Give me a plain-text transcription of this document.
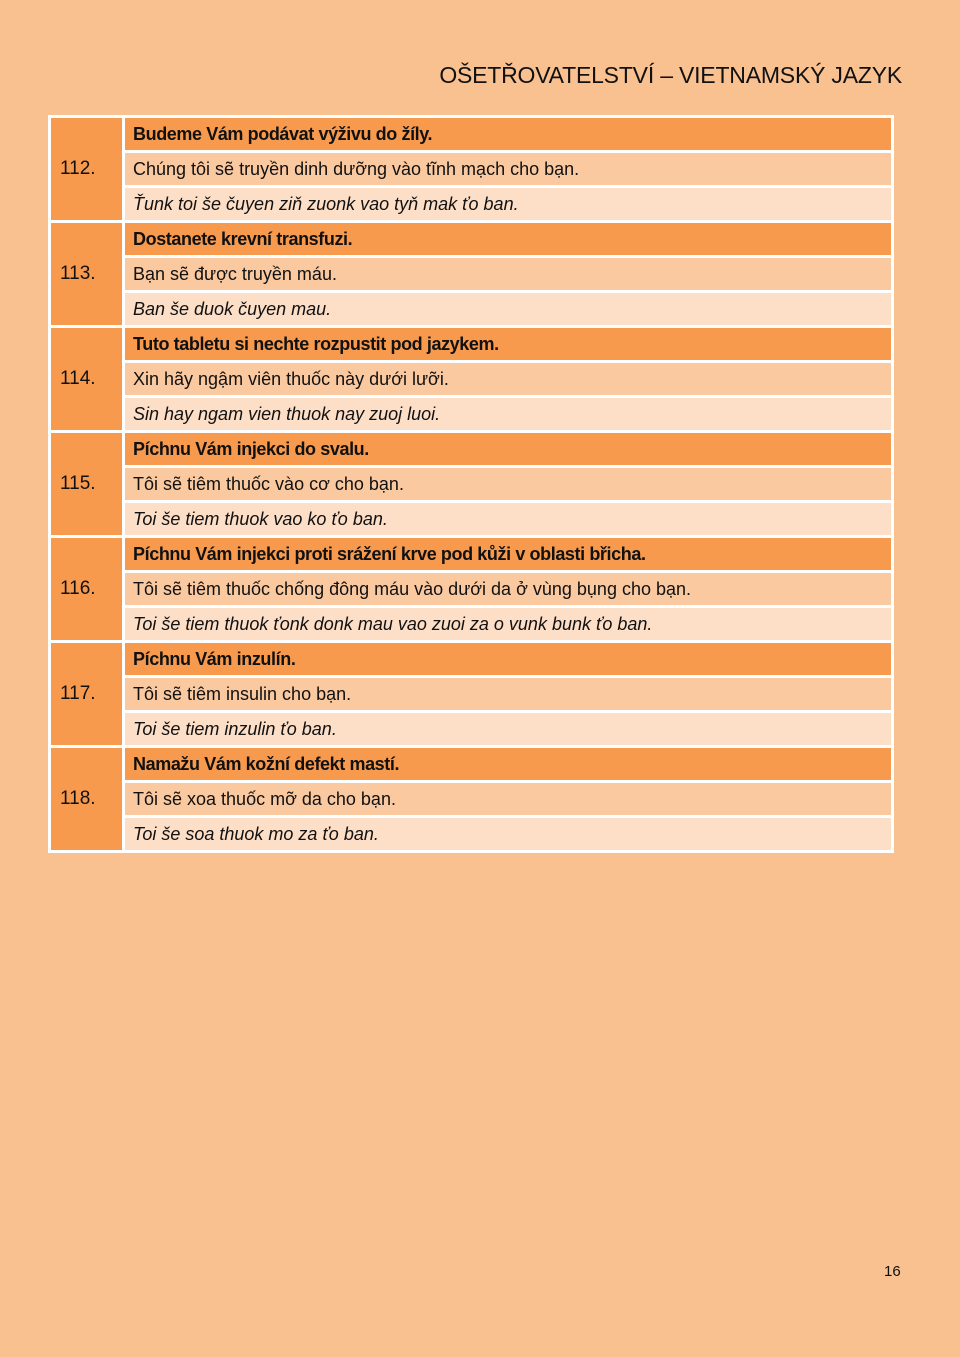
OŠETŘOVATELSTVÍ – VIETNAMSKÝ JAZYK
112.	Budeme Vám podávat výživu do žíly.
Chúng tôi sẽ truyền dinh dưỡng vào tĩnh mạch cho bạn.
Ťunk toi še čuyen ziň zuonk vao tyň mak ťo ban.

113.	Dostanete krevní transfuzi.
Bạn sẽ được truyền máu.
Ban še duok čuyen mau.

114.	Tuto tabletu si nechte rozpustit pod jazykem.
Xin hãy ngậm viên thuốc này dưới lưỡi.
Sin hay ngam vien thuok nay zuoj luoi.

115.	Píchnu Vám injekci do svalu.
Tôi sẽ tiêm thuốc vào cơ cho bạn.
Toi še tiem thuok vao ko ťo ban.

116.	Píchnu Vám injekci proti srážení krve pod kůži v oblasti břicha.
Tôi sẽ tiêm thuốc chống đông máu vào dưới da ở vùng bụng cho bạn.
Toi še tiem thuok ťonk donk mau vao zuoi za o vunk bunk ťo ban.

117.	Píchnu Vám inzulín.
Tôi sẽ tiêm insulin cho bạn.
Toi še tiem inzulin ťo ban.

118.	Namažu Vám kožní defekt mastí.
Tôi sẽ xoa thuốc mỡ da cho bạn.
Toi še soa thuok mo za ťo ban.
16
